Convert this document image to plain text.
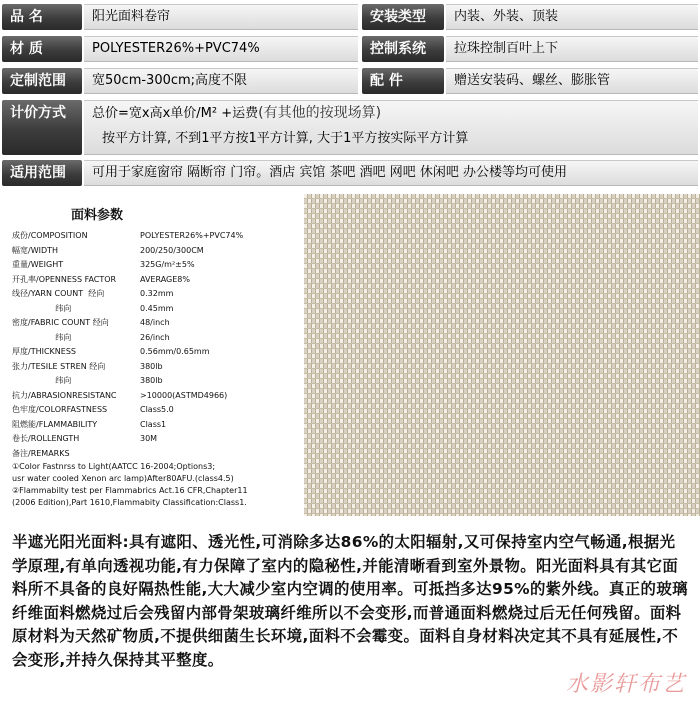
品 名	阳光面料卷帘	安装类型	内装、外装、顶装
材 质	POLYESTER26%+PVC74%	控制系统	拉珠控制百叶上下
定制范围	宽50cm-300cm;高度不限	配 件	赠送安装码、螺丝、膨胀管
计价方式	总价=宽x高x单价/M² +运费(有其他的按现场算)
按平方计算, 不到1平方按1平方计算, 大于1平方按实际平方计算
适用范围	可用于家庭窗帘 隔断帘 门帘。酒店 宾馆 茶吧 酒吧 网吧 休闲吧 办公楼等均可使用
面料参数
成份/COMPOSITION	POLYESTER26%+PVC74%
幅宽/WIDTH	200/250/300CM
重量/WEIGHT	325G/m²±5%
开孔率/OPENNESS FACTOR	AVERAGE8%
线径/YARN COUNT  经向	0.32mm
纬向	0.45mm
密度/FABRIC COUNT 经向	48/inch
纬向	26/inch
厚度/THICKNESS	0.56mm/0.65mm
张力/TESILE STREN 经向	380lb
纬向	380lb
抗力/ABRASIONRESISTANC	>10000(ASTMD4966)
色牢度/COLORFASTNESS	Class5.0
阻燃能/FLAMMABILITY	Class1
卷长/ROLLENGTH	30M
备注/REMARKS
①Color Fastnrss to Light(AATCC 16-2004;Options3;
usr water cooled Xenon arc lamp)After80AFU.(class4.5)
②Flammabilty test per Flammabrics Act.16 CFR,Chapter11
(2006 Edition),Part 1610,Flammabity Classification:Class1.

半遮光阳光面料:具有遮阳、透光性,可消除多达86%的太阳辐射,又可保持室内空气畅通,根据光学原理,有单向透视功能,有力保障了室内的隐秘性,并能清晰看到室外景物。阳光面料具有其它面料所不具备的良好隔热性能,大大减少室内空调的使用率。可抵挡多达95%的紫外线。真正的玻璃纤维面料燃烧过后会残留内部骨架玻璃纤维所以不会变形,而普通面料燃烧过后无任何残留。面料原材料为天然矿物质,不提供细菌生长环境,面料不会霉变。面料自身材料决定其不具有延展性,不会变形,并持久保持其平整度。

水影轩布艺
